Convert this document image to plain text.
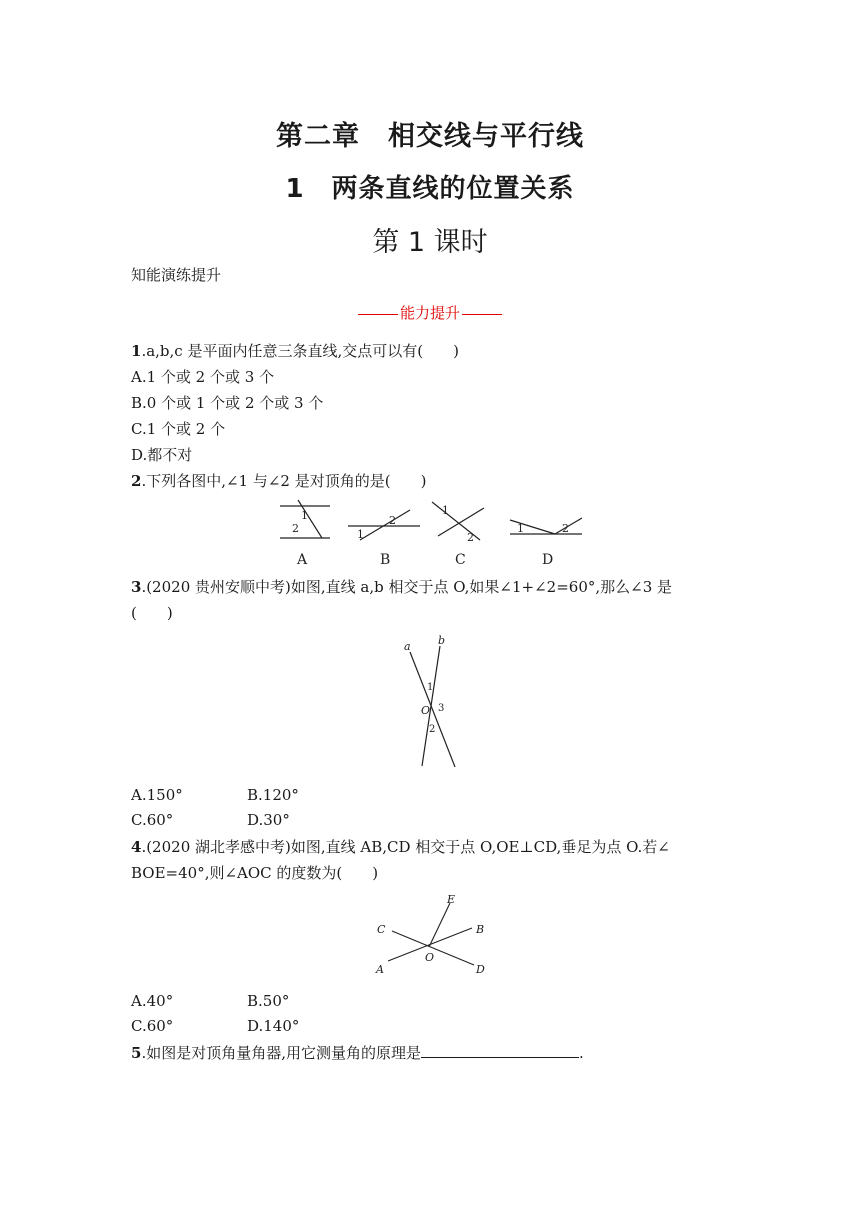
第二章　相交线与平行线
1　两条直线的位置关系
第 1 课时
知能演练提升
能力提升
1.a,b,c 是平面内任意三条直线,交点可以有(　　)
A.1 个或 2 个或 3 个
B.0 个或 1 个或 2 个或 3 个
C.1 个或 2 个
D.都不对
2.下列各图中,∠1 与∠2 是对顶角的是(　　)
1
2	1
2
1
2
1	2
A	B	C	D
3.(2020 贵州安顺中考)如图,直线 a,b 相交于点 O,如果∠1+∠2=60°,那么∠3 是
(　　)
a b
O
1
2
3
A.150°	B.120°
C.60°	D.30°
4.(2020 湖北孝感中考)如图,直线 AB,CD 相交于点 O,OE⊥CD,垂足为点 O.若∠
BOE=40°,则∠AOC 的度数为(　　)
E
C	B
O
A	D
A.40°	B.50°
C.60°	D.140°
5.如图是对顶角量角器,用它测量角的原理是	.
